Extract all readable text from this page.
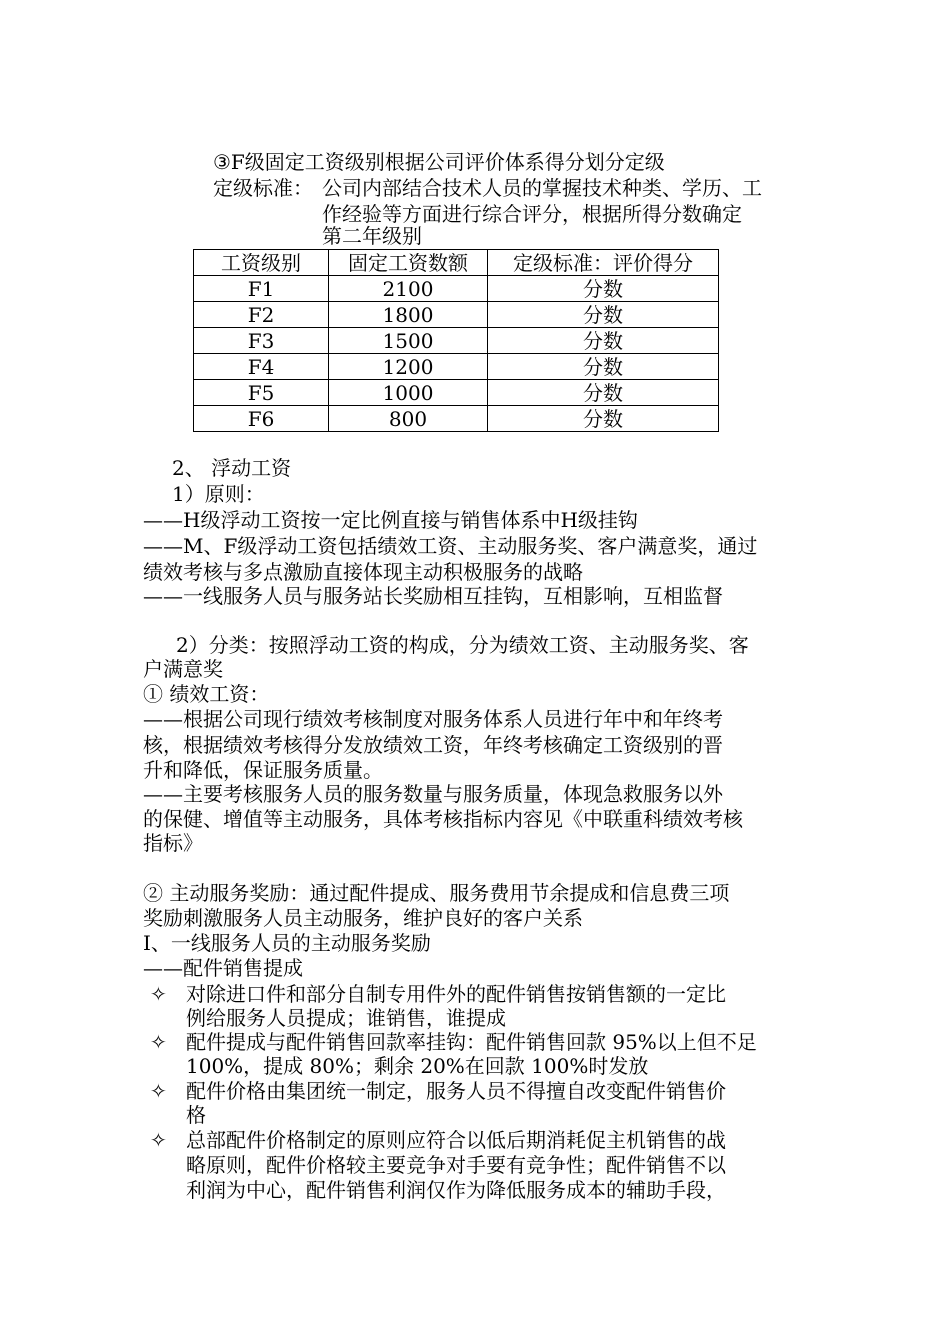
③F级固定工资级别根据公司评价体系得分划分定级
定级标准： 公司内部结合技术人员的掌握技术种类、学历、工
作经验等方面进行综合评分，根据所得分数确定
第二年级别
工资级别	固定工资数额	定级标准：评价得分
F1	2100	分数
F2	1800	分数
F3	1500	分数
F4	1200	分数
F5	1000	分数
F6	800	分数
2、 浮动工资
1）原则：
——H级浮动工资按一定比例直接与销售体系中H级挂钩
——M、F级浮动工资包括绩效工资、主动服务奖、客户满意奖，通过
绩效考核与多点激励直接体现主动积极服务的战略
——一线服务人员与服务站长奖励相互挂钩，互相影响，互相监督
2）分类：按照浮动工资的构成，分为绩效工资、主动服务奖、客
户满意奖
① 绩效工资：
——根据公司现行绩效考核制度对服务体系人员进行年中和年终考
核，根据绩效考核得分发放绩效工资，年终考核确定工资级别的晋
升和降低，保证服务质量。
——主要考核服务人员的服务数量与服务质量，体现急救服务以外
的保健、增值等主动服务，具体考核指标内容见《中联重科绩效考核
指标》
② 主动服务奖励：通过配件提成、服务费用节余提成和信息费三项
奖励刺激服务人员主动服务，维护良好的客户关系
Ⅰ、一线服务人员的主动服务奖励
——配件销售提成
✧ 对除进口件和部分自制专用件外的配件销售按销售额的一定比
例给服务人员提成；谁销售，谁提成
✧ 配件提成与配件销售回款率挂钩：配件销售回款 95%以上但不足
100%，提成 80%；剩余 20%在回款 100%时发放
✧ 配件价格由集团统一制定，服务人员不得擅自改变配件销售价
格
✧ 总部配件价格制定的原则应符合以低后期消耗促主机销售的战
略原则，配件价格较主要竞争对手要有竞争性；配件销售不以
利润为中心，配件销售利润仅作为降低服务成本的辅助手段，
